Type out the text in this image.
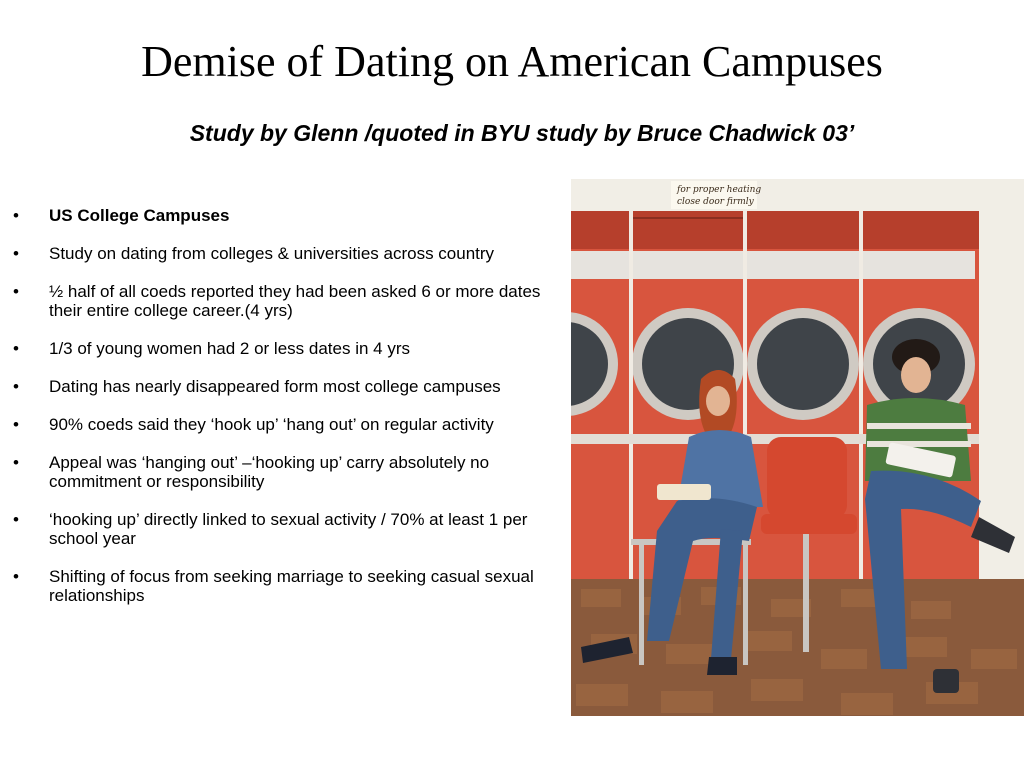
Demise of Dating on American Campuses
Study by Glenn /quoted in BYU study by Bruce Chadwick 03’
• US College Campuses
• Study on dating from colleges & universities across country
• ½ half of all coeds reported they had been asked 6 or more dates their entire college career.(4 yrs)
• 1/3 of young women had 2 or less dates in 4 yrs
• Dating has nearly disappeared form most college campuses
• 90% coeds said they ‘hook up’ ‘hang out’ on regular activity
• Appeal was ‘hanging out’ –‘hooking up’ carry absolutely no commitment or responsibility
• ‘hooking up’ directly linked to sexual activity / 70% at least 1 per school year
• Shifting of focus from seeking marriage to seeking casual sexual relationships
for proper heating
close door firmly
